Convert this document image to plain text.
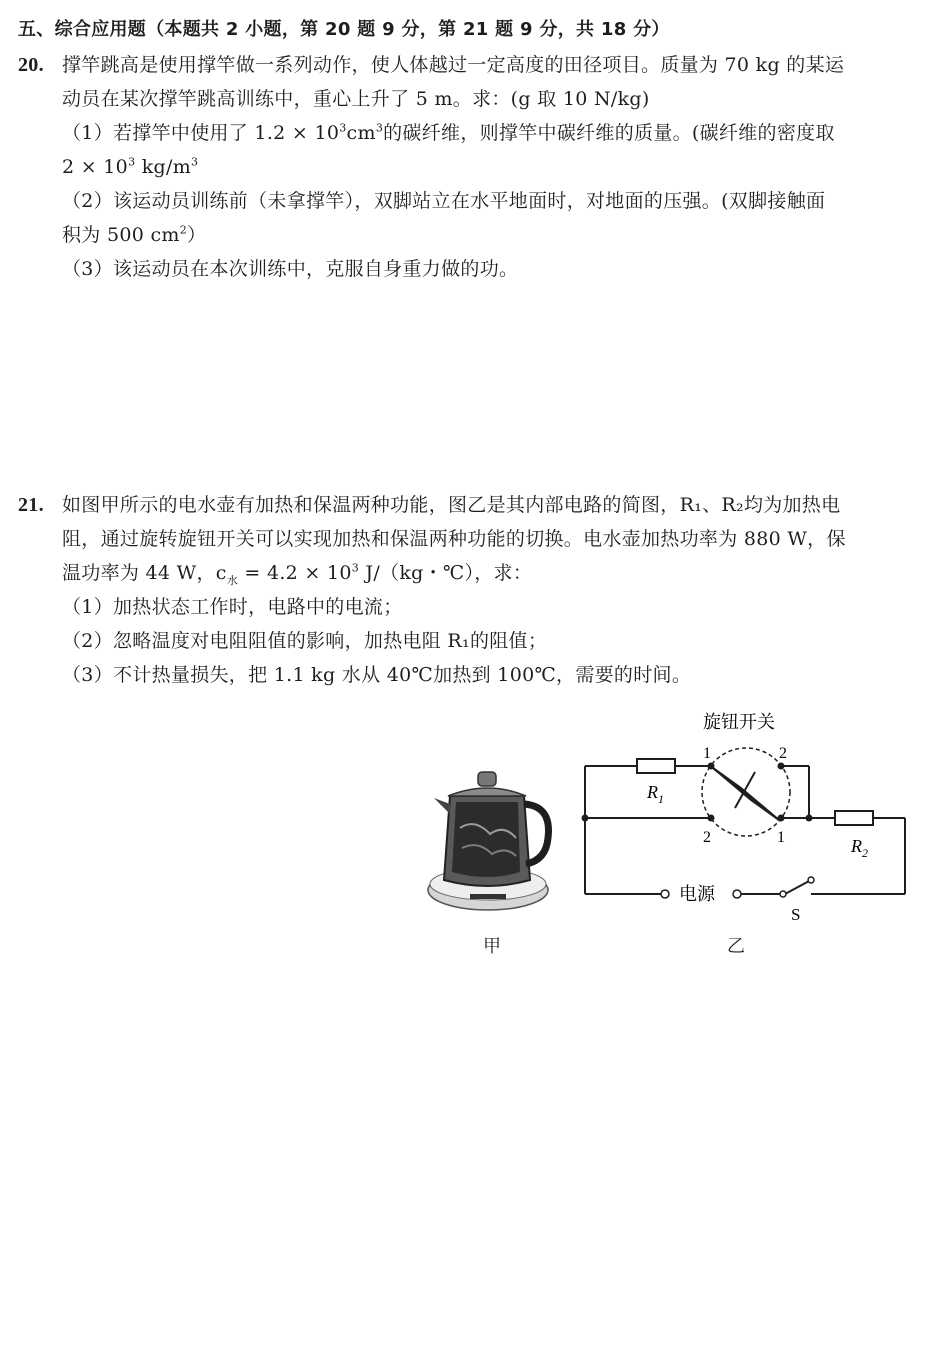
五、综合应用题（本题共 2 小题，第 20 题 9 分，第 21 题 9 分，共 18 分）
20. 撑竿跳高是使用撑竿做一系列动作，使人体越过一定高度的田径项目。质量为 70 kg 的某运
动员在某次撑竿跳高训练中，重心上升了 5 m。求：(g 取 10 N/kg)
（1）若撑竿中使用了 $1.2 \times 10^3cm^3$的碳纤维，则撑竿中碳纤维的质量。(碳纤维的密度取
$2 \times 10^3$ $kg/m^3$
（2）该运动员训练前（未拿撑竿），双脚站立在水平地面时，对地面的压强。(双脚接触面
积为 500 $cm^2$）
（3）该运动员在本次训练中，克服自身重力做的功。
21. 如图甲所示的电水壶有加热和保温两种功能，图乙是其内部电路的简图，R₁、R₂均为加热电
阻，通过旋转旋钮开关可以实现加热和保温两种功能的切换。电水壶加热功率为 880 W，保
温功率为 44 W，$c_水 = 4.2 \times 10^3$ J/（kg・℃），求：
（1）加热状态工作时，电路中的电流；
（2）忽略温度对电阻阻值的影响，加热电阻 R₁的阻值；
（3）不计热量损失，把 1.1 kg 水从 40℃加热到 100℃，需要的时间。
甲
旋钮开关
1	2
2	1
$R_1$
$R_2$
电源
S
乙
